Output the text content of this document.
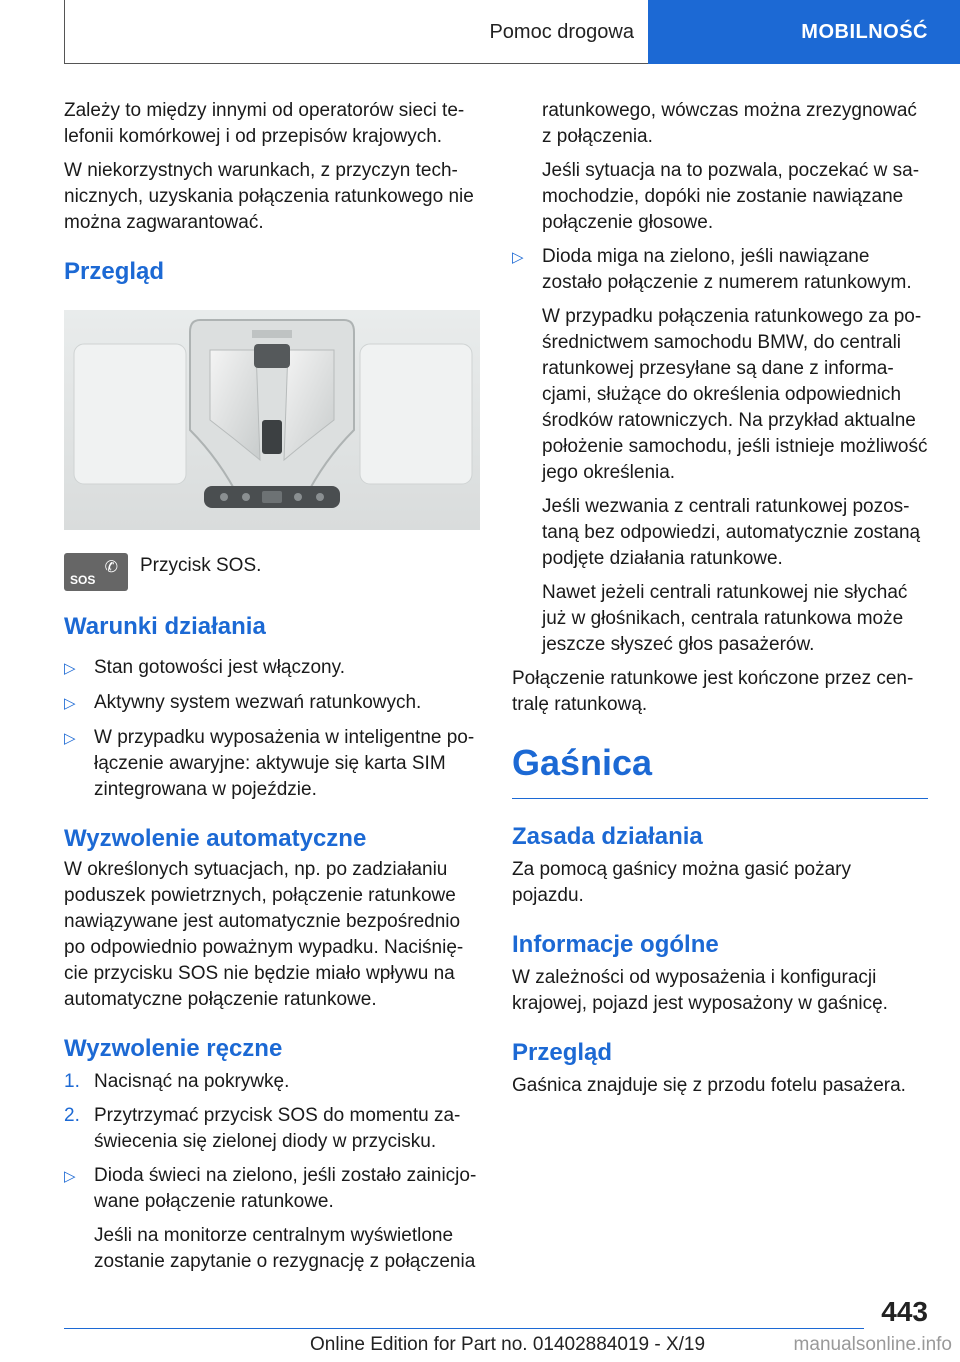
Pomoc drogowa	MOBILNOŚĆ

Zależy to między innymi od operatorów sieci telefonii komórkowej i od przepisów krajowych.

W niekorzystnych warunkach, z przyczyn technicznych, uzyskania połączenia ratunkowego nie można zagwarantować.

Przegląd
SOS
✆ Przycisk SOS.
Warunki działania
▷ Stan gotowości jest włączony.
▷ Aktywny system wezwań ratunkowych.
▷ W przypadku wyposażenia w inteligentne połączenie awaryjne: aktywuje się karta SIM zintegrowana w pojeździe.
Wyzwolenie automatyczne

W określonych sytuacjach, np. po zadziałaniu poduszek powietrznych, połączenie ratunkowe nawiązywane jest automatycznie bezpośrednio po odpowiednio poważnym wypadku. Naciśnięcie przycisku SOS nie będzie miało wpływu na automatyczne połączenie ratunkowe.

Wyzwolenie ręczne
1. Nacisnąć na pokrywkę.
2. Przytrzymać przycisk SOS do momentu zaświecenia się zielonej diody w przycisku.
▷ Dioda świeci na zielono, jeśli zostało zainicjowane połączenie ratunkowe.

Jeśli na monitorze centralnym wyświetlone zostanie zapytanie o rezygnację z połączenia

ratunkowego, wówczas można zrezygnować z połączenia.

Jeśli sytuacja na to pozwala, poczekać w samochodzie, dopóki nie zostanie nawiązane połączenie głosowe.

▷ Dioda miga na zielono, jeśli nawiązane zostało połączenie z numerem ratunkowym.

W przypadku połączenia ratunkowego za pośrednictwem samochodu BMW, do centrali ratunkowej przesyłane są dane z informacjami, służące do określenia odpowiednich środków ratowniczych. Na przykład aktualne położenie samochodu, jeśli istnieje możliwość jego określenia.

Jeśli wezwania z centrali ratunkowej pozostaną bez odpowiedzi, automatycznie zostaną podjęte działania ratunkowe.

Nawet jeżeli centrali ratunkowej nie słychać już w głośnikach, centrala ratunkowa może jeszcze słyszeć głos pasażerów.

Połączenie ratunkowe jest kończone przez centralę ratunkową.

Gaśnica
Zasada działania

Za pomocą gaśnicy można gasić pożary pojazdu.

Informacje ogólne

W zależności od wyposażenia i konfiguracji krajowej, pojazd jest wyposażony w gaśnicę.

Przegląd

Gaśnica znajduje się z przodu fotelu pasażera.

443
Online Edition for Part no. 01402884019 - X/19	manualsonline.info
